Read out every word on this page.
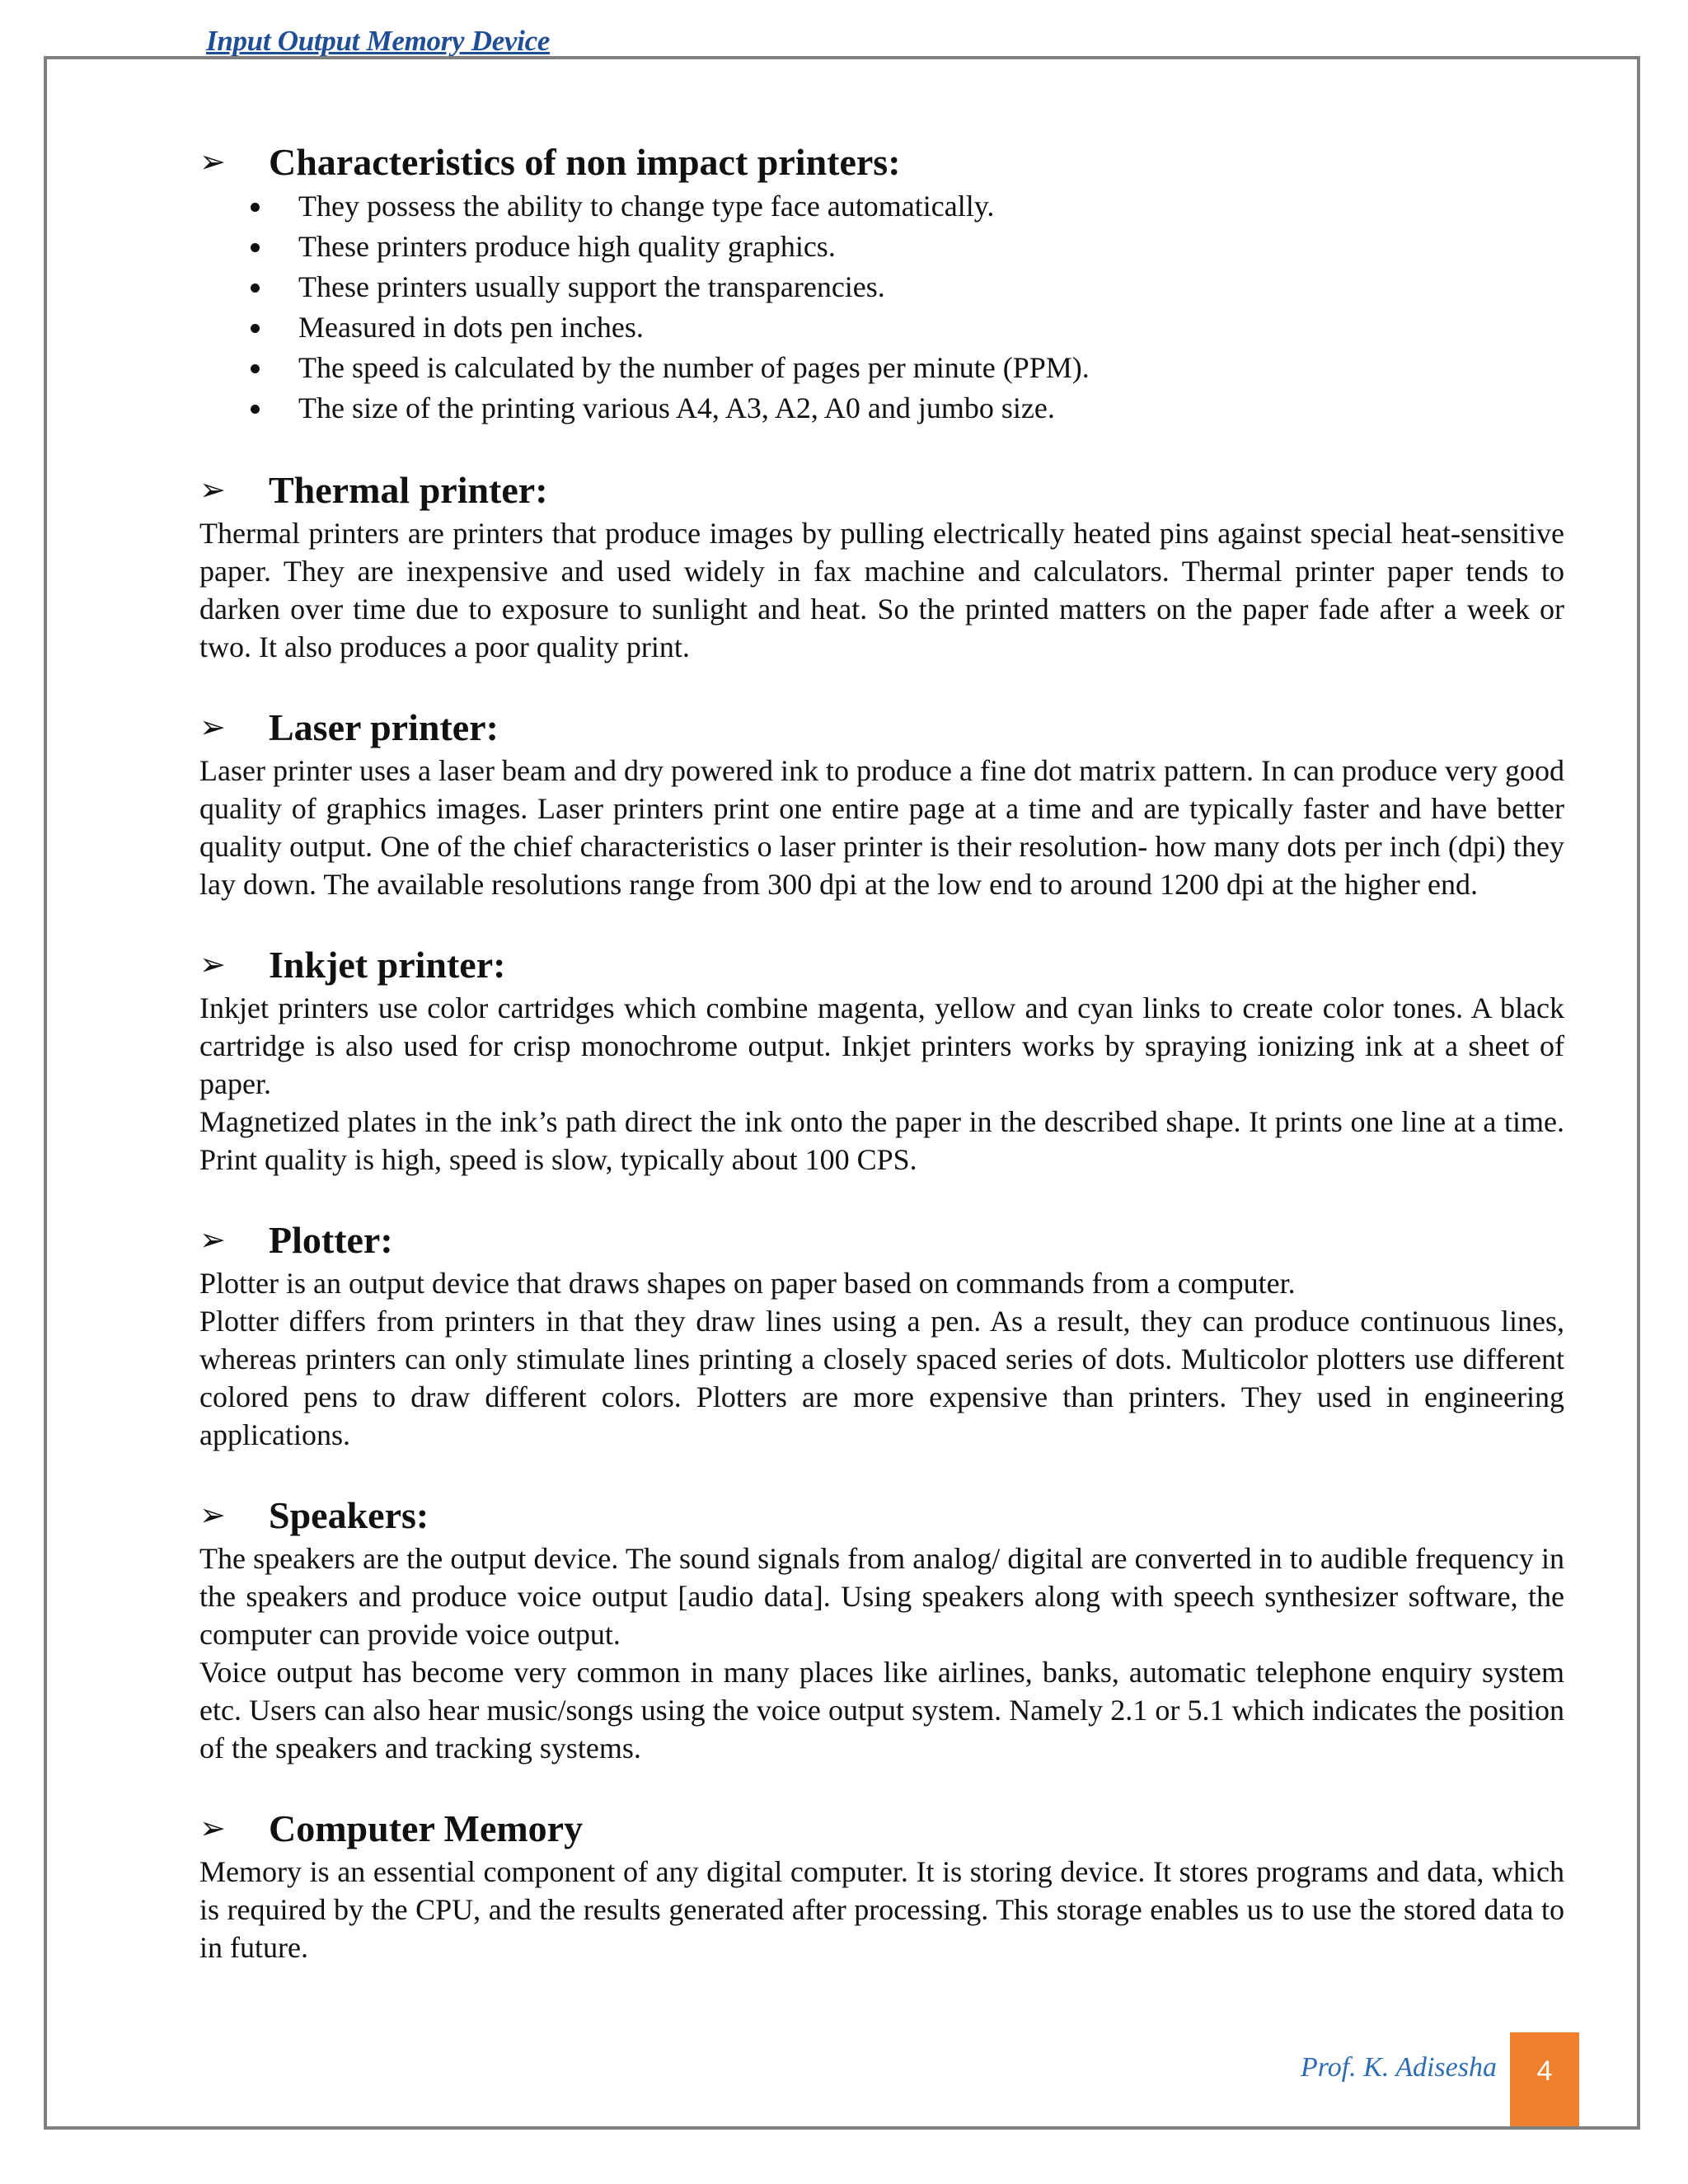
Input Output Memory Device
➢	Characteristics of non impact printers:
They possess the ability to change type face automatically.
These printers produce high quality graphics.
These printers usually support the transparencies.
Measured in dots pen inches.
The speed is calculated by the number of pages per minute (PPM).
The size of the printing various A4, A3, A2, A0 and jumbo size.
➢	Thermal printer:

Thermal printers are printers that produce images by pulling electrically heated pins against special heat-sensitive paper. They are inexpensive and used widely in fax machine and calculators. Thermal printer paper tends to darken over time due to exposure to sunlight and heat. So the printed matters on the paper fade after a week or two. It also produces a poor quality print.

➢	Laser printer:

Laser printer uses a laser beam and dry powered ink to produce a fine dot matrix pattern. In can produce very good quality of graphics images. Laser printers print one entire page at a time and are typically faster and have better quality output. One of the chief characteristics o laser printer is their resolution- how many dots per inch (dpi) they lay down. The available resolutions range from 300 dpi at the low end to around 1200 dpi at the higher end.

➢	Inkjet printer:

Inkjet printers use color cartridges which combine magenta, yellow and cyan links to create color tones. A black cartridge is also used for crisp monochrome output. Inkjet printers works by spraying ionizing ink at a sheet of paper.

Magnetized plates in the ink’s path direct the ink onto the paper in the described shape. It prints one line at a time. Print quality is high, speed is slow, typically about 100 CPS.

➢	Plotter:

Plotter is an output device that draws shapes on paper based on commands from a computer.

Plotter differs from printers in that they draw lines using a pen. As a result, they can produce continuous lines, whereas printers can only stimulate lines printing a closely spaced series of dots. Multicolor plotters use different colored pens to draw different colors. Plotters are more expensive than printers. They used in engineering applications.

➢	Speakers:

The speakers are the output device. The sound signals from analog/ digital are converted in to audible frequency in the speakers and produce voice output [audio data]. Using speakers along with speech synthesizer software, the computer can provide voice output.

Voice output has become very common in many places like airlines, banks, automatic telephone enquiry system etc. Users can also hear music/songs using the voice output system. Namely 2.1 or 5.1 which indicates the position of the speakers and tracking systems.

➢	Computer Memory

Memory is an essential component of any digital computer. It is storing device. It stores programs and data, which is required by the CPU, and the results generated after processing. This storage enables us to use the stored data to in future.

Prof. K. Adisesha	4
